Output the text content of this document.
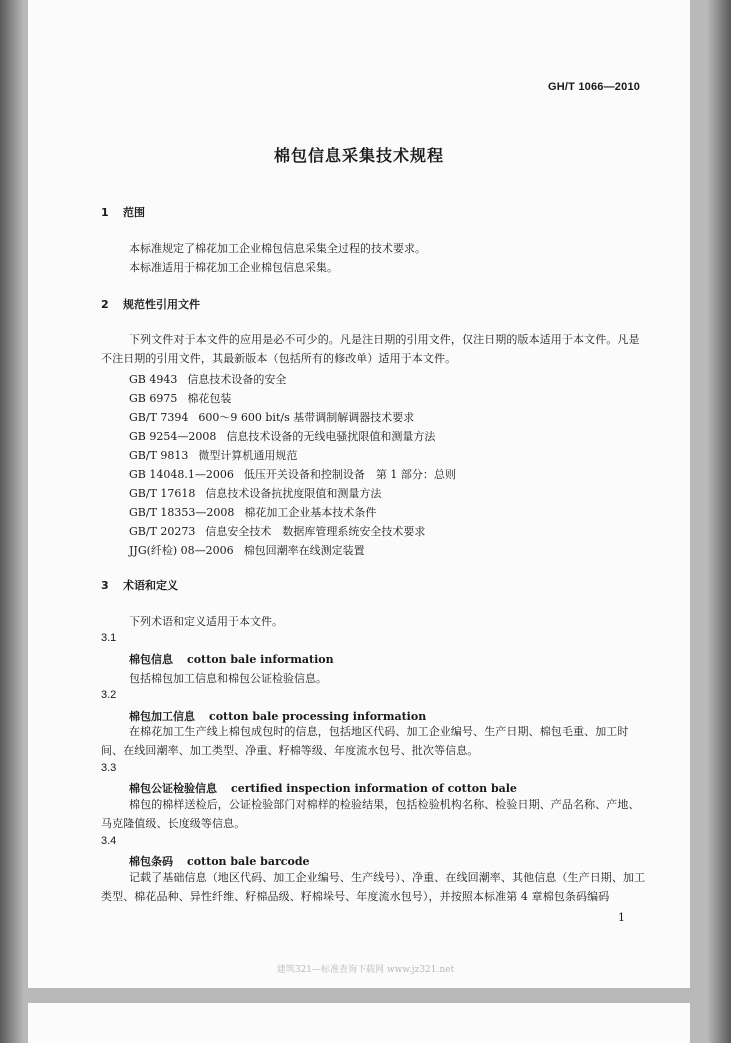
GH/T 1066—2010
棉包信息采集技术规程
1 范围
本标准规定了棉花加工企业棉包信息采集全过程的技术要求。
本标准适用于棉花加工企业棉包信息采集。
2 规范性引用文件
下列文件对于本文件的应用是必不可少的。凡是注日期的引用文件，仅注日期的版本适用于本文件。凡是不注日期的引用文件，其最新版本（包括所有的修改单）适用于本文件。
GB 4943 信息技术设备的安全
GB 6975 棉花包装
GB/T 7394 600～9 600 bit/s 基带调制解调器技术要求
GB 9254—2008 信息技术设备的无线电骚扰限值和测量方法
GB/T 9813 微型计算机通用规范
GB 14048.1—2006 低压开关设备和控制设备　第 1 部分：总则
GB/T 17618 信息技术设备抗扰度限值和测量方法
GB/T 18353—2008 棉花加工企业基本技术条件
GB/T 20273 信息安全技术　数据库管理系统安全技术要求
JJG(纤检) 08—2006 棉包回潮率在线测定装置
3 术语和定义
下列术语和定义适用于本文件。
3.1
棉包信息 cotton bale information
包括棉包加工信息和棉包公证检验信息。
3.2
棉包加工信息 cotton bale processing information
在棉花加工生产线上棉包成包时的信息，包括地区代码、加工企业编号、生产日期、棉包毛重、加工时间、在线回潮率、加工类型、净重、籽棉等级、年度流水包号、批次等信息。
3.3
棉包公证检验信息 certified inspection information of cotton bale
棉包的棉样送检后，公证检验部门对棉样的检验结果，包括检验机构名称、检验日期、产品名称、产地、马克隆值级、长度级等信息。
3.4
棉包条码 cotton bale barcode
记载了基础信息（地区代码、加工企业编号、生产线号）、净重、在线回潮率、其他信息（生产日期、加工类型、棉花品种、异性纤维、籽棉品级、籽棉垛号、年度流水包号），并按照本标准第 4 章棉包条码编码
1
建筑321—标准查询下载网 www.jz321.net
